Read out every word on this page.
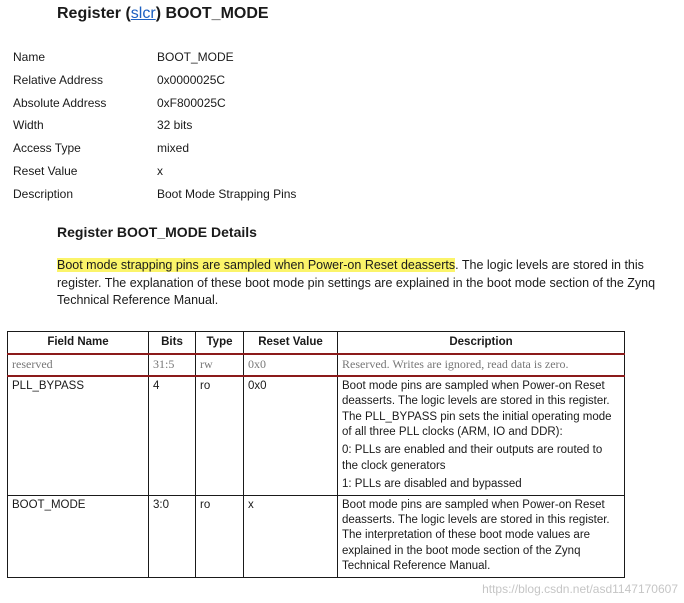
Register (slcr) BOOT_MODE
Name	BOOT_MODE
Relative Address	0x0000025C
Absolute Address	0xF800025C
Width	32 bits
Access Type	mixed
Reset Value	x
Description	Boot Mode Strapping Pins
Register BOOT_MODE Details
Boot mode strapping pins are sampled when Power-on Reset deasserts. The logic levels are stored in this register. The explanation of these boot mode pin settings are explained in the boot mode section of the Zynq Technical Reference Manual.
Field Name	Bits	Type	Reset Value	Description
reserved	31:5	rw	0x0	Reserved. Writes are ignored, read data is zero.

PLL_BYPASS	4	ro	0x0	Boot mode pins are sampled when Power-on Reset deasserts. The logic levels are stored in this register. The PLL_BYPASS pin sets the initial operating mode of all three PLL clocks (ARM, IO and DDR):
0: PLLs are enabled and their outputs are routed to the clock generators
1: PLLs are disabled and bypassed

BOOT_MODE	3:0	ro	x	Boot mode pins are sampled when Power-on Reset deasserts. The logic levels are stored in this register. The interpretation of these boot mode values are explained in the boot mode section of the Zynq Technical Reference Manual.
https://blog.csdn.net/asd1147170607
